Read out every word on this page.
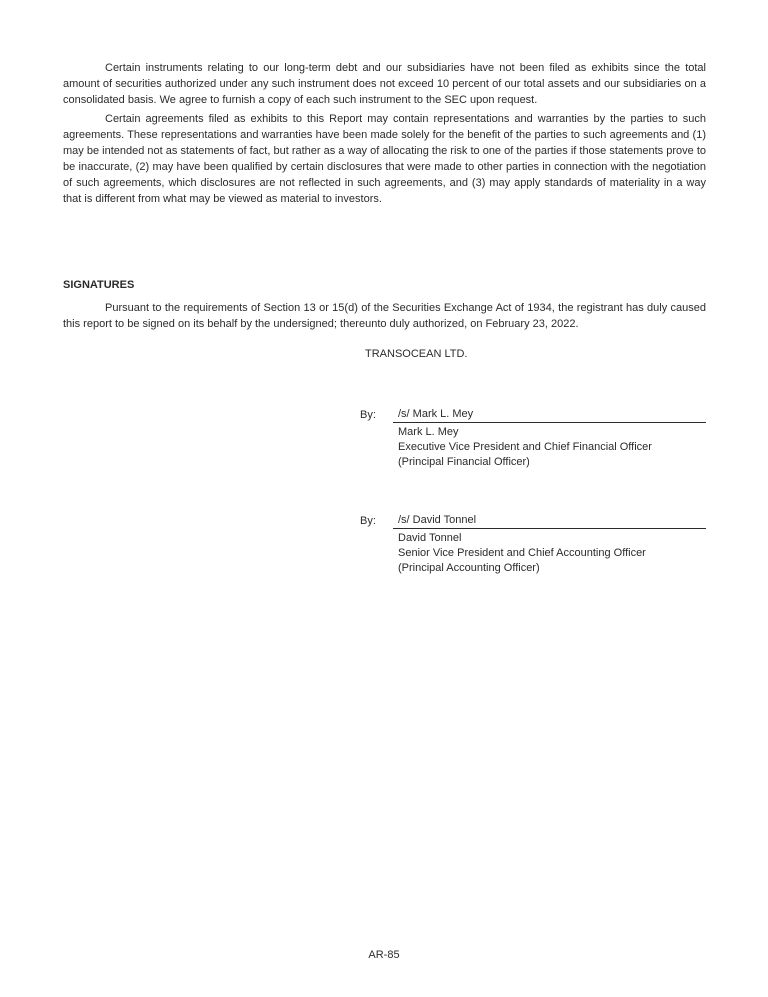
Certain instruments relating to our long-term debt and our subsidiaries have not been filed as exhibits since the total amount of securities authorized under any such instrument does not exceed 10 percent of our total assets and our subsidiaries on a consolidated basis. We agree to furnish a copy of each such instrument to the SEC upon request.

Certain agreements filed as exhibits to this Report may contain representations and warranties by the parties to such agreements. These representations and warranties have been made solely for the benefit of the parties to such agreements and (1) may be intended not as statements of fact, but rather as a way of allocating the risk to one of the parties if those statements prove to be inaccurate, (2) may have been qualified by certain disclosures that were made to other parties in connection with the negotiation of such agreements, which disclosures are not reflected in such agreements, and (3) may apply standards of materiality in a way that is different from what may be viewed as material to investors.

SIGNATURES

Pursuant to the requirements of Section 13 or 15(d) of the Securities Exchange Act of 1934, the registrant has duly caused this report to be signed on its behalf by the undersigned; thereunto duly authorized, on February 23, 2022.

TRANSOCEAN LTD.
By:	/s/ Mark L. Mey
Mark L. Mey
Executive Vice President and Chief Financial Officer
(Principal Financial Officer)
By:	/s/ David Tonnel
David Tonnel
Senior Vice President and Chief Accounting Officer
(Principal Accounting Officer)
AR-85
